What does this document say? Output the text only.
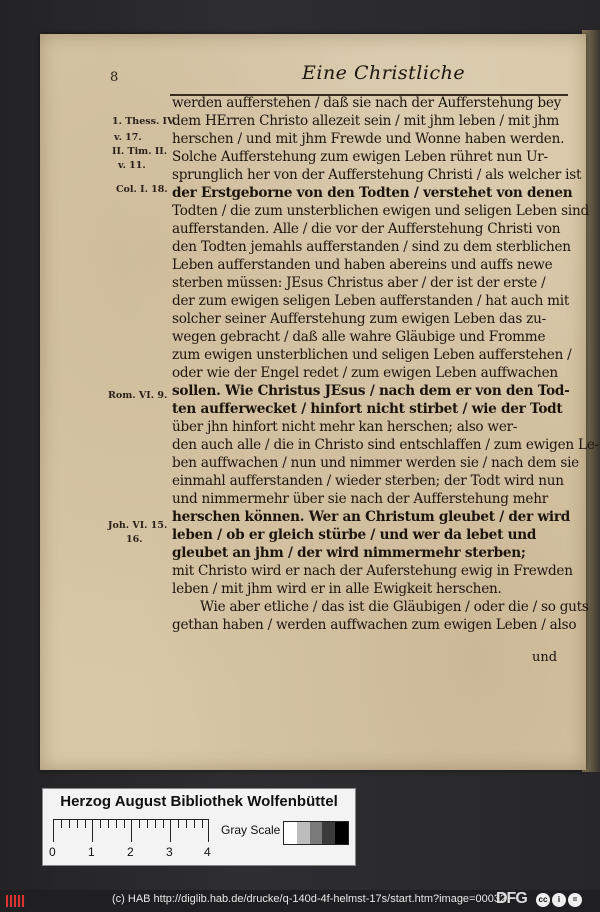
8	Eine Christliche
1. Thess. IV.
v. 17.
II. Tim. II.
v. 11.
Col. I. 18.
Rom. VI. 9.
Joh. VI. 15.
16.
werden aufferstehen / daß sie nach der Aufferstehung bey
dem HErren Christo allezeit sein / mit jhm leben / mit jhm
herschen / und mit jhm Frewde und Wonne haben werden.
Solche Aufferstehung zum ewigen Leben rühret nun Ur-
sprunglich her von der Aufferstehung Christi / als welcher ist
der Erstgeborne von den Todten / verstehet von denen
Todten / die zum unsterblichen ewigen und seligen Leben sind
aufferstanden. Alle / die vor der Aufferstehung Christi von
den Todten jemahls aufferstanden / sind zu dem sterblichen
Leben aufferstanden und haben abereins und auffs newe
sterben müssen: JEsus Christus aber / der ist der erste /
der zum ewigen seligen Leben aufferstanden / hat auch mit
solcher seiner Aufferstehung zum ewigen Leben das zu-
wegen gebracht / daß alle wahre Gläubige und Fromme
zum ewigen unsterblichen und seligen Leben aufferstehen /
oder wie der Engel redet / zum ewigen Leben auffwachen
sollen. Wie Christus JEsus / nach dem er von den Tod-
ten aufferwecket / hinfort nicht stirbet / wie der Todt
über jhn hinfort nicht mehr kan herschen; also wer-
den auch alle / die in Christo sind entschlaffen / zum ewigen Le-
ben auffwachen / nun und nimmer werden sie / nach dem sie
einmahl aufferstanden / wieder sterben; der Todt wird nun
und nimmermehr über sie nach der Aufferstehung mehr
herschen können. Wer an Christum gleubet / der wird
leben / ob er gleich stürbe / und wer da lebet und
gleubet an jhm / der wird nimmermehr sterben;
mit Christo wird er nach der Auferstehung ewig in Frewden
leben / mit jhm wird er in alle Ewigkeit herschen.
Wie aber etliche / das ist die Gläubigen / oder die / so guts
gethan haben / werden auffwachen zum ewigen Leben / also
und
Herzog August Bibliothek Wolfenbüttel
0	1	2	3	4
Gray Scale
(c) HAB http://diglib.hab.de/drucke/q-140d-4f-helmst-17s/start.htm?image=00032
DFG	cc	i	=
